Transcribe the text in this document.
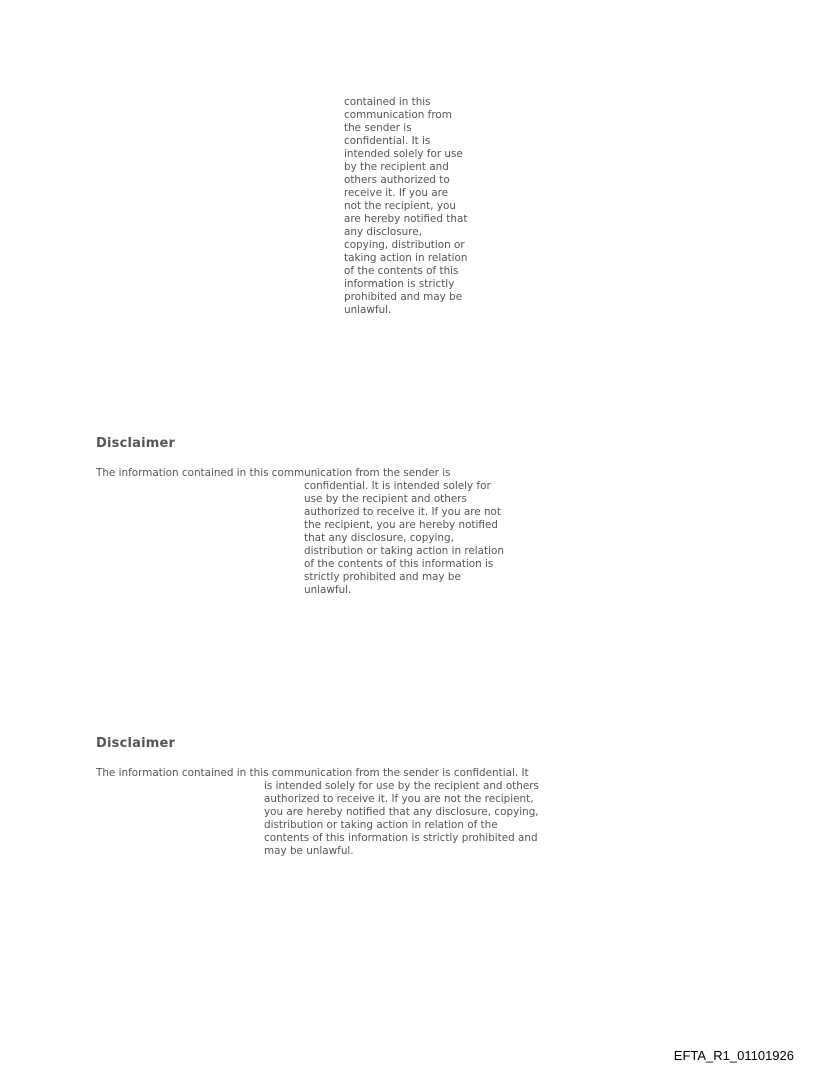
contained in this
communication from
the sender is
confidential. It is
intended solely for use
by the recipient and
others authorized to
receive it. If you are
not the recipient, you
are hereby notified that
any disclosure,
copying, distribution or
taking action in relation
of the contents of this
information is strictly
prohibited and may be
unlawful.

Disclaimer

The information contained in this communication from the sender is

confidential. It is intended solely for
use by the recipient and others
authorized to receive it. If you are not
the recipient, you are hereby notified
that any disclosure, copying,
distribution or taking action in relation
of the contents of this information is
strictly prohibited and may be
unlawful.

Disclaimer

The information contained in this communication from the sender is confidential. It

is intended solely for use by the recipient and others
authorized to receive it. If you are not the recipient,
you are hereby notified that any disclosure, copying,
distribution or taking action in relation of the
contents of this information is strictly prohibited and
may be unlawful.

EFTA_R1_01101926
